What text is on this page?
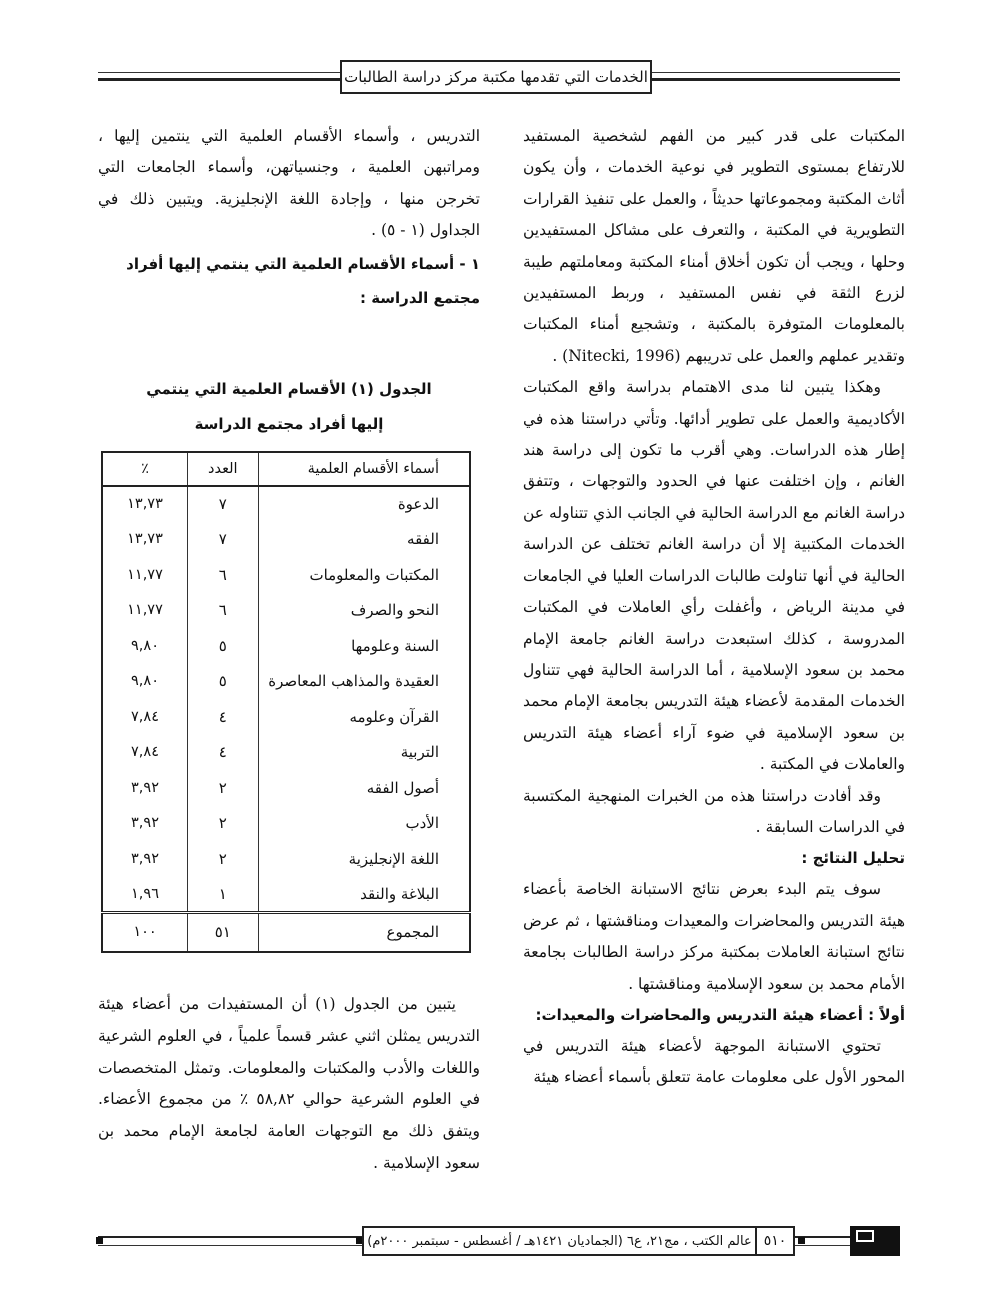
الخدمات التي تقدمها مكتبة مركز دراسة الطالبات

المكتبات على قدر كبير من الفهم لشخصية المستفيد للارتفاع بمستوى التطوير في نوعية الخدمات ، وأن يكون أثاث المكتبة ومجموعاتها حديثاً ، والعمل على تنفيذ القرارات التطويرية في المكتبة ، والتعرف على مشاكل المستفيدين وحلها ، ويجب أن تكون أخلاق أمناء المكتبة ومعاملتهم طيبة لزرع الثقة في نفس المستفيد ، وربط المستفيدين بالمعلومات المتوفرة بالمكتبة ، وتشجيع أمناء المكتبات وتقدير عملهم والعمل على تدريبهم (Nitecki, 1996) .

وهكذا يتبين لنا مدى الاهتمام بدراسة واقع المكتبات الأكاديمية والعمل على تطوير أدائها. وتأتي دراستنا هذه في إطار هذه الدراسات. وهي أقرب ما تكون إلى دراسة هند الغانم ، وإن اختلفت عنها في الحدود والتوجهات ، وتتفق دراسة الغانم مع الدراسة الحالية في الجانب الذي تتناوله عن الخدمات المكتبية إلا أن دراسة الغانم تختلف عن الدراسة الحالية في أنها تناولت طالبات الدراسات العليا في الجامعات في مدينة الرياض ، وأغفلت رأي العاملات في المكتبات المدروسة ، كذلك استبعدت دراسة الغانم جامعة الإمام محمد بن سعود الإسلامية ، أما الدراسة الحالية فهي تتناول الخدمات المقدمة لأعضاء هيئة التدريس بجامعة الإمام محمد بن سعود الإسلامية في ضوء آراء أعضاء هيئة التدريس والعاملات في المكتبة .

وقد أفادت دراستنا هذه من الخبرات المنهجية المكتسبة في الدراسات السابقة .

تحليل النتائج :

سوف يتم البدء بعرض نتائج الاستبانة الخاصة بأعضاء هيئة التدريس والمحاضرات والمعيدات ومناقشتها ، ثم عرض نتائج استبانة العاملات بمكتبة مركز دراسة الطالبات بجامعة الأمام محمد بن سعود الإسلامية ومناقشتها .

أولاً : أعضاء هيئة التدريس والمحاضرات والمعيدات:

تحتوي الاستبانة الموجهة لأعضاء هيئة التدريس في المحور الأول على معلومات عامة تتعلق بأسماء أعضاء هيئة

التدريس ، وأسماء الأقسام العلمية التي ينتمين إليها ، ومراتبهن العلمية ، وجنسياتهن، وأسماء الجامعات التي تخرجن منها ، وإجادة اللغة الإنجليزية. ويتبين ذلك في الجداول (١ - ٥) .

١ - أسماء الأقسام العلمية التي ينتمي إليها أفراد مجتمع الدراسة :

الجدول (١) الأقسام العلمية التي ينتمي
إليها أفراد مجتمع الدراسة
أسماء الأقسام العلمية	العدد	٪
الدعوة	٧	١٣,٧٣
الفقه	٧	١٣,٧٣
المكتبات والمعلومات	٦	١١,٧٧
النحو والصرف	٦	١١,٧٧
السنة وعلومها	٥	٩,٨٠
العقيدة والمذاهب المعاصرة	٥	٩,٨٠
القرآن وعلومه	٤	٧,٨٤
التربية	٤	٧,٨٤
أصول الفقه	٢	٣,٩٢
الأدب	٢	٣,٩٢
اللغة الإنجليزية	٢	٣,٩٢
البلاغة والنقد	١	١,٩٦
المجموع	٥١	١٠٠

يتبين من الجدول (١) أن المستفيدات من أعضاء هيئة التدريس يمثلن اثني عشر قسماً علمياً ، في العلوم الشرعية واللغات والأدب والمكتبات والمعلومات. وتمثل المتخصصات في العلوم الشرعية حوالي ٥٨,٨٢ ٪ من مجموع الأعضاء. ويتفق ذلك مع التوجهات العامة لجامعة الإمام محمد بن سعود الإسلامية .

عالم الكتب ، مج٢١، ع٦ (الجماديان ١٤٢١هـ / أغسطس - سبتمبر ٢٠٠٠م) ٥١٠
